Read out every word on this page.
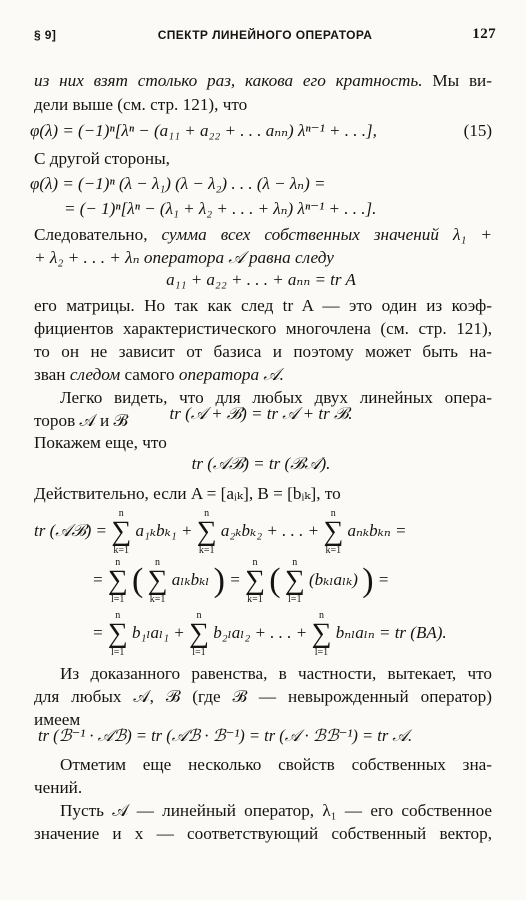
§ 9]	СПЕКТР ЛИНЕЙНОГО ОПЕРАТОРА	127
из них взят столько раз, какова его кратность. Мы ви-
дели выше (см. стр. 121), что
φ(λ) = (−1)ⁿ[λⁿ − (a₁₁ + a₂₂ + . . . aₙₙ) λⁿ⁻¹ + . . .],	(15)
С другой стороны,
φ(λ) = (−1)ⁿ (λ − λ₁) (λ − λ₂) . . . (λ − λₙ) =
= (− 1)ⁿ[λⁿ − (λ₁ + λ₂ + . . . + λₙ) λⁿ⁻¹ + . . .].
Следовательно, сумма всех собственных значений λ₁ +
+ λ₂ + . . . + λₙ оператора 𝒜 равна следу
a₁₁ + a₂₂ + . . . + aₙₙ = tr A
его матрицы. Но так как след tr A — это один из коэф-
фициентов характеристического многочлена (см. стр. 121),
то он не зависит от базиса и поэтому может быть на-
зван следом самого оператора 𝒜.
Легко видеть, что для любых двух линейных опера-
торов 𝒜 и ℬ	tr (𝒜 + ℬ) = tr 𝒜 + tr ℬ.
Покажем еще, что
tr (𝒜ℬ) = tr (ℬ𝒜).
Действительно, если A = [aᵢₖ], B = [bᵢₖ], то
tr (𝒜ℬ) =
n
∑
k=1
a₁ₖbₖ₁ +
n
∑
k=1
a₂ₖbₖ₂ + . . . +
n
∑
k=1
aₙₖbₖₙ =
=
n
∑
l=1
(	n
∑
k=1
aₗₖbₖₗ ) =
n
∑
k=1
(	n
∑
l=1
(bₖₗaₗₖ) ) =
=
n
∑
l=1
b₁ₗaₗ₁ +
n
∑
l=1
b₂ₗaₗ₂ + . . . +
n
∑
l=1
bₙₗaₗₙ = tr (BA).
Из доказанного равенства, в частности, вытекает, что
для любых 𝒜, ℬ (где ℬ — невырожденный оператор)
имеем
tr (ℬ⁻¹ · 𝒜ℬ) = tr (𝒜ℬ · ℬ⁻¹) = tr (𝒜 · ℬℬ⁻¹) = tr 𝒜.
Отметим еще несколько свойств собственных зна-
чений.
Пусть 𝒜 — линейный оператор, λ₁ — его собственное
значение и x — соответствующий собственный вектор,
